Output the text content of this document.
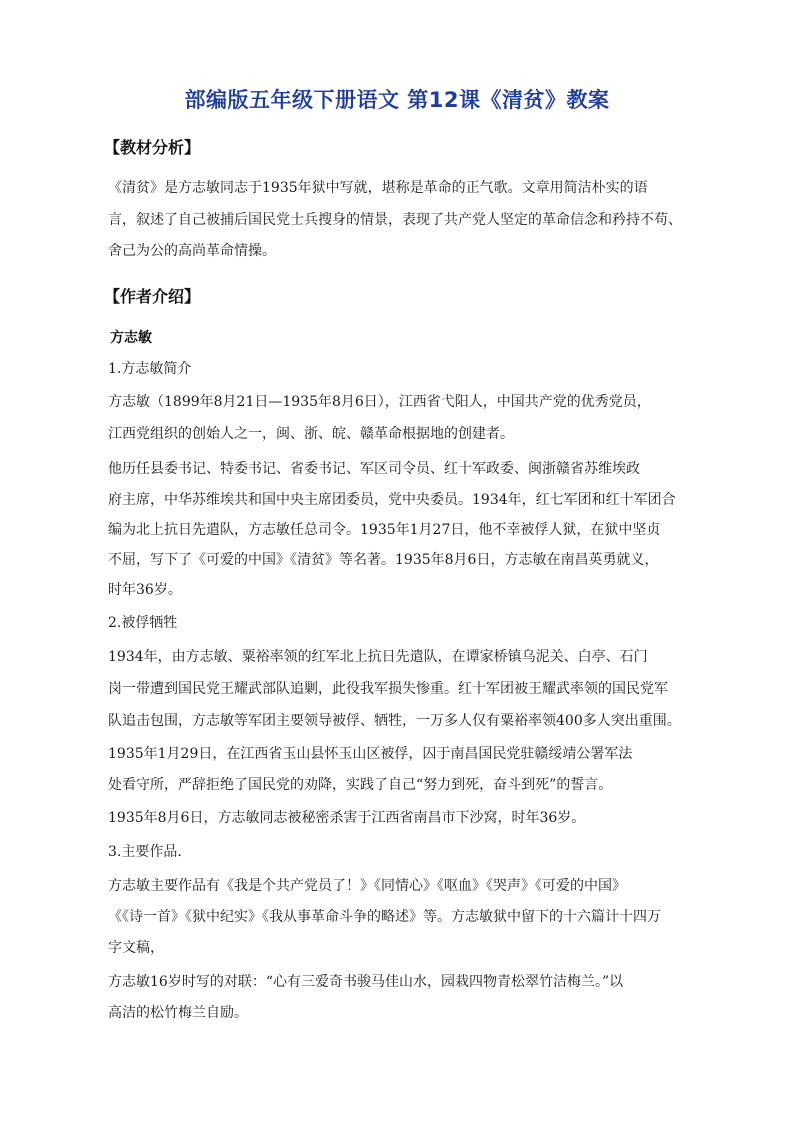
部编版五年级下册语文 第12课《清贫》教案
【教材分析】
《清贫》是方志敏同志于1935年狱中写就，堪称是革命的正气歌。文章用简洁朴实的语
言，叙述了自己被捕后国民党士兵搜身的情景，表现了共产党人坚定的革命信念和矜持不苟、
舍己为公的高尚革命情操。
【作者介绍】
方志敏
1.方志敏简介
方志敏（1899年8月21日—1935年8月6日），江西省弋阳人，中国共产党的优秀党员，
江西党组织的创始人之一，闽、浙、皖、赣革命根据地的创建者。
他历任县委书记、特委书记、省委书记、军区司令员、红十军政委、闽浙赣省苏维埃政
府主席，中华苏维埃共和国中央主席团委员，党中央委员。1934年，红七军团和红十军团合
编为北上抗日先遣队，方志敏任总司令。1935年1月27日，他不幸被俘人狱，在狱中坚贞
不屈，写下了《可爱的中国》《清贫》等名著。1935年8月6日，方志敏在南昌英勇就义，
时年36岁。
2.被俘牺牲
1934年，由方志敏、粟裕率领的红军北上抗日先遣队，在谭家桥镇乌泥关、白亭、石门
岗一带遭到国民党王耀武部队追剿，此役我军损失惨重。红十军团被王耀武率领的国民党军
队追击包围，方志敏等军团主要领导被俘、牺牲，一万多人仅有粟裕率领400多人突出重围。
1935年1月29日，在江西省玉山县怀玉山区被俘，囚于南昌国民党驻赣绥靖公署军法
处看守所，严辞拒绝了国民党的劝降，实践了自己“努力到死，奋斗到死”的誓言。
1935年8月6日，方志敏同志被秘密杀害于江西省南昌市下沙窝，时年36岁。
3.主要作品.
方志敏主要作品有《我是个共产党员了！》《同情心》《呕血》《哭声》《可爱的中国》
《《诗一首》《狱中纪实》《我从事革命斗争的略述》等。方志敏狱中留下的十六篇计十四万
字文稿，
方志敏16岁时写的对联：“心有三爱奇书骏马佳山水，园栽四物青松翠竹洁梅兰。”以
高洁的松竹梅兰自励。
